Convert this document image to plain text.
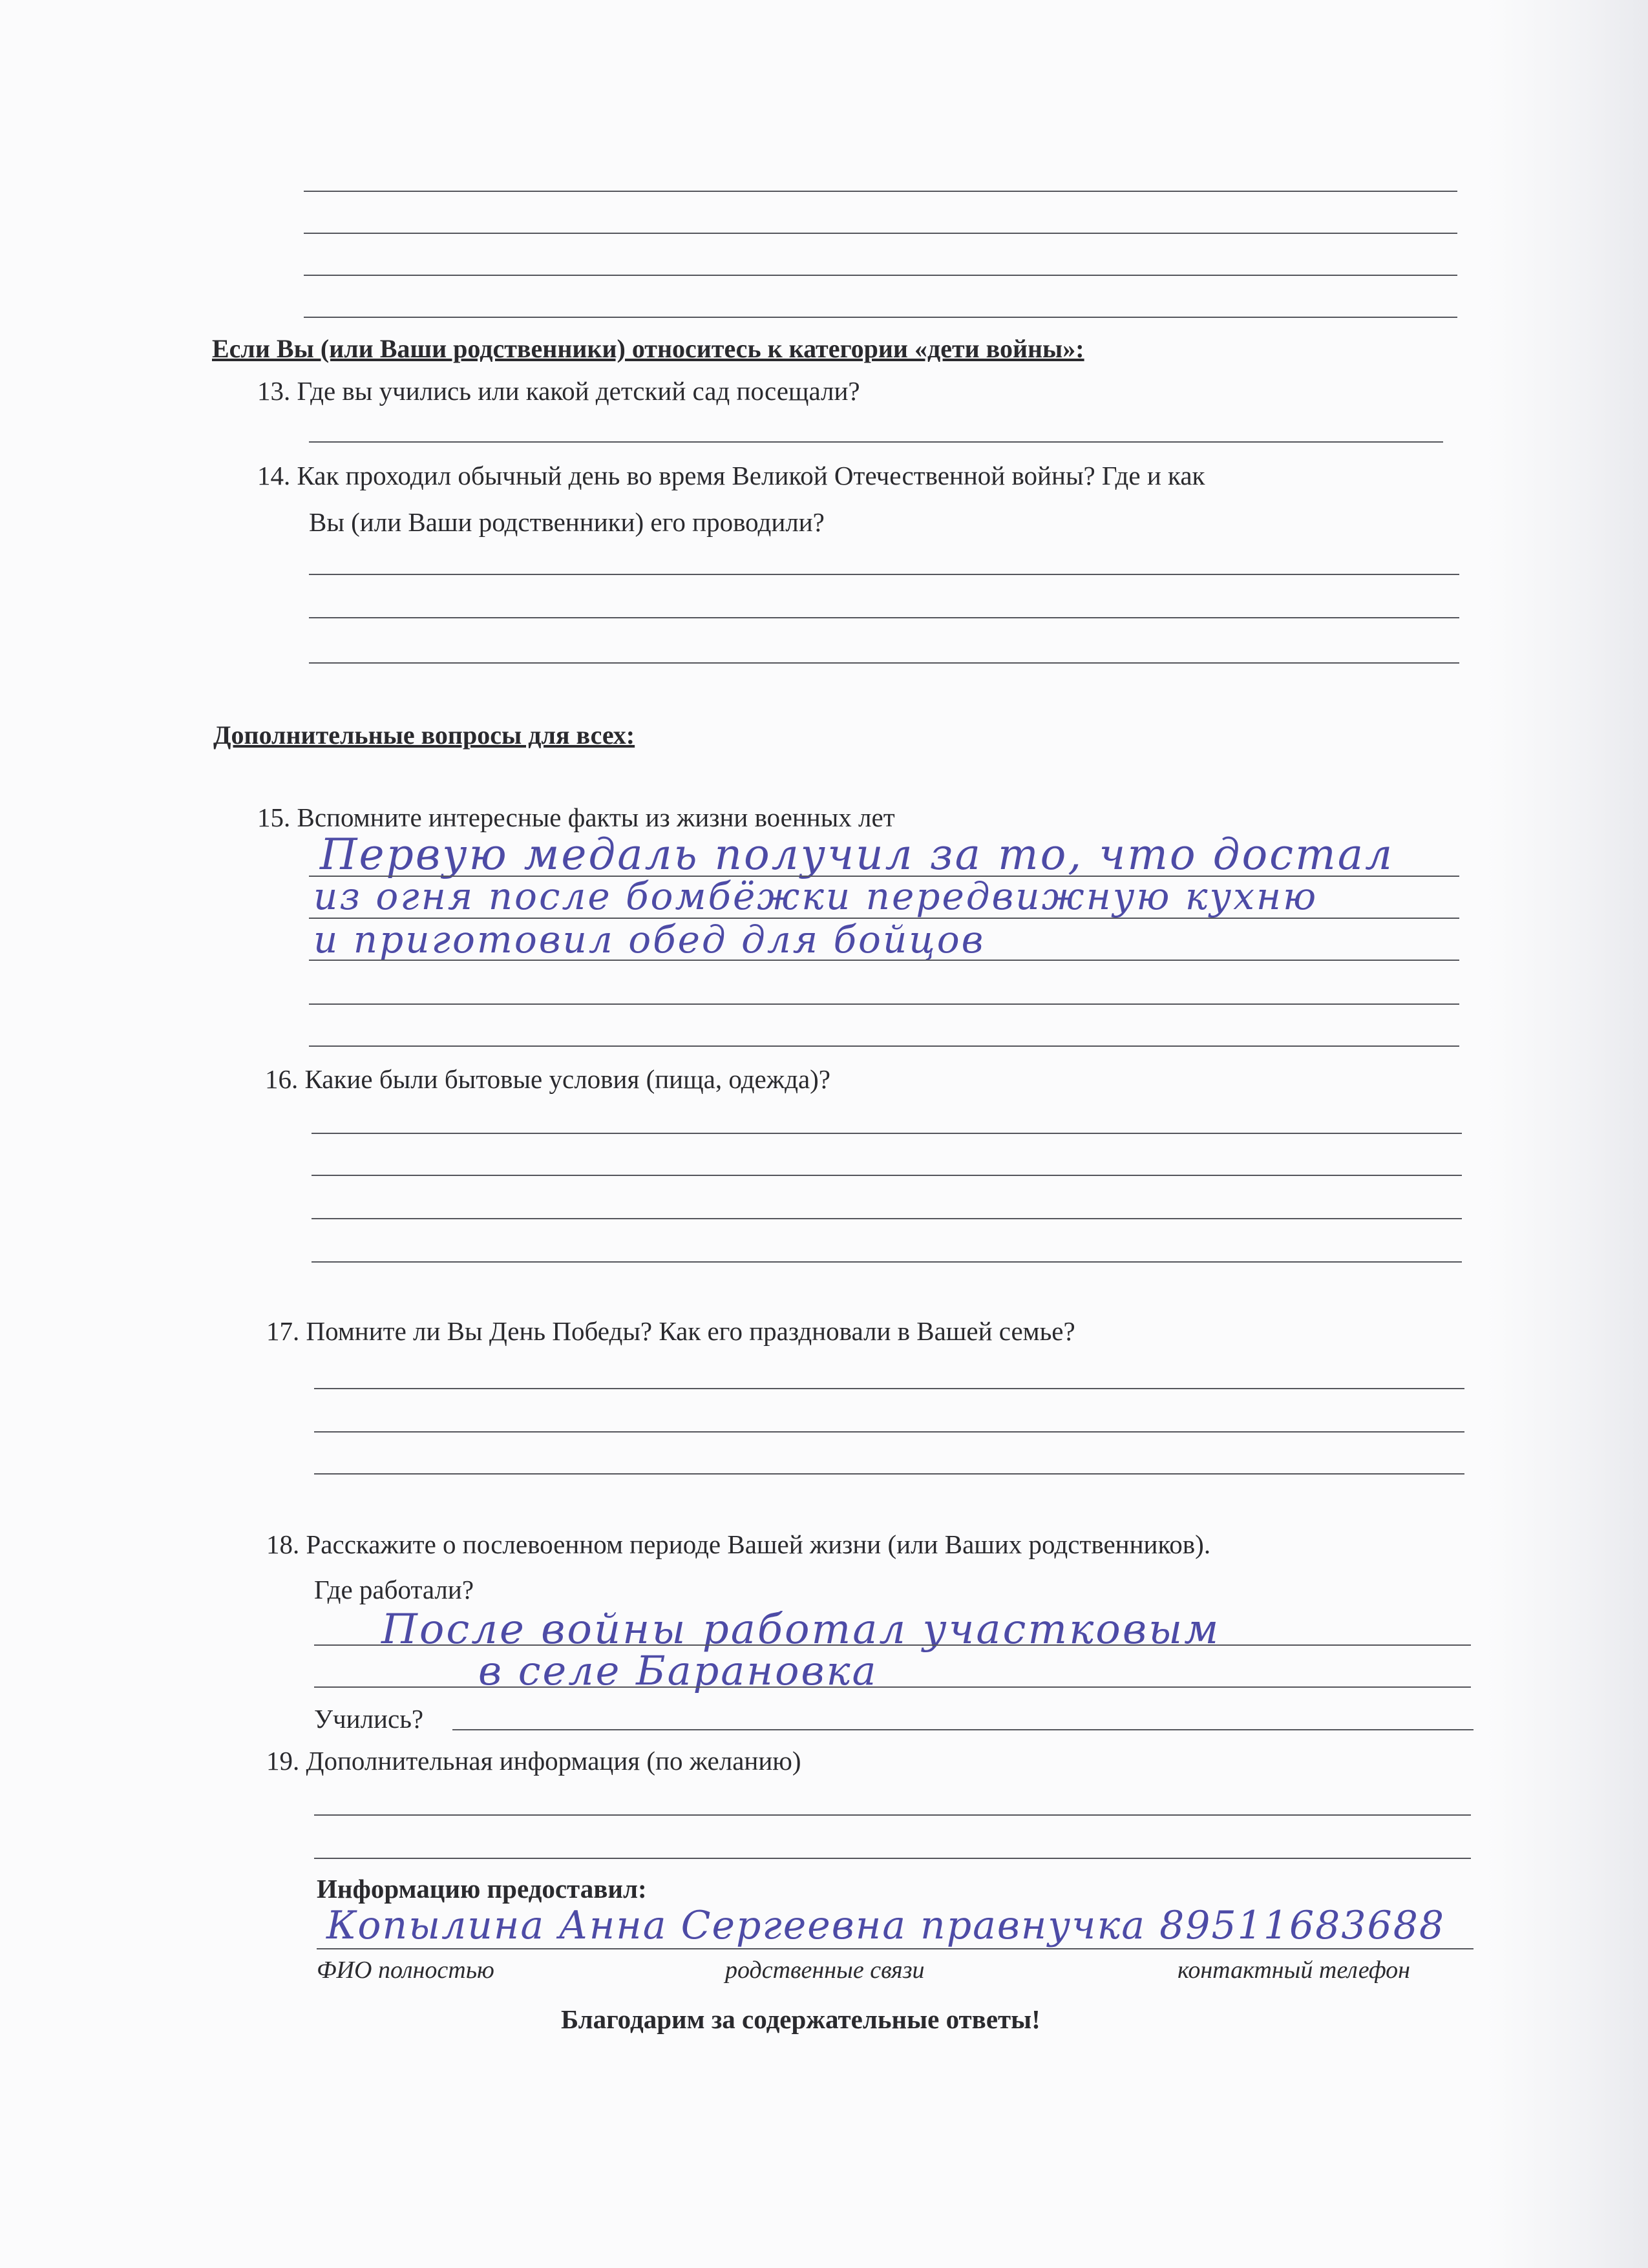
Если Вы (или Ваши родственники) относитесь к категории «дети войны»:
13. Где вы учились или какой детский сад посещали?
14. Как проходил обычный день во время Великой Отечественной войны? Где и как
Вы (или Ваши родственники) его проводили?
Дополнительные вопросы для всех:
15. Вспомните интересные факты из жизни военных лет
Первую медаль получил за то, что достал
из огня после бомбёжки передвижную кухню
и приготовил обед для бойцов
16. Какие были бытовые условия (пища, одежда)?
17. Помните ли Вы День Победы? Как его праздновали в Вашей семье?
18. Расскажите о послевоенном периоде Вашей жизни (или Ваших родственников).
Где работали?
После войны работал участковым
в селе Барановка
Учились?
19. Дополнительная информация (по желанию)
Информацию предоставил:
Копылина Анна Сергеевна правнучка 89511683688
ФИО полностью	родственные связи	контактный телефон
Благодарим за содержательные ответы!
